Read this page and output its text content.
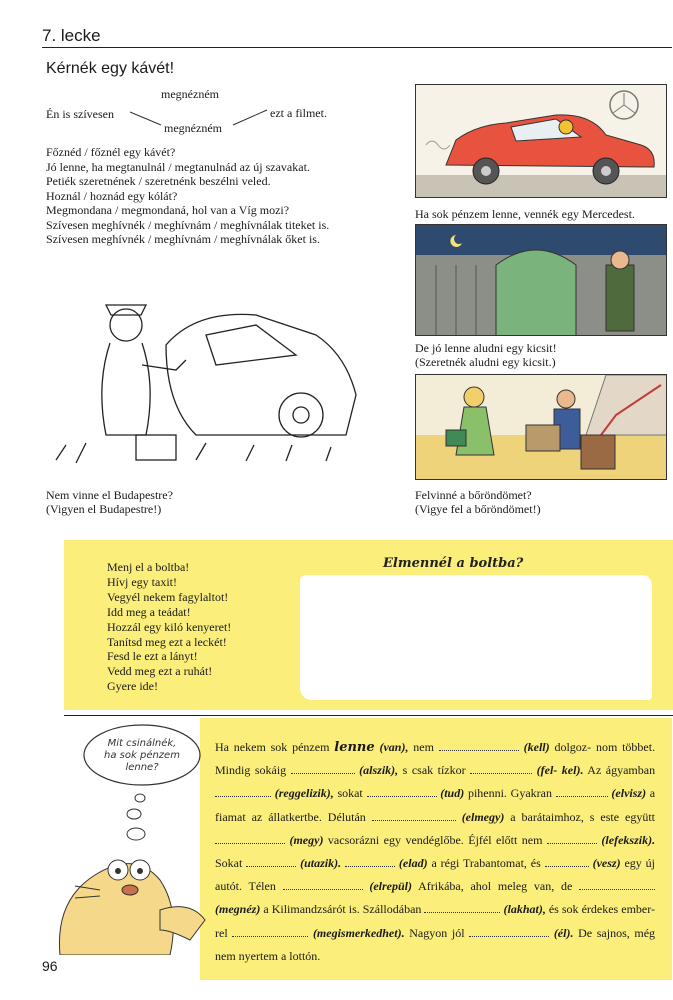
7. lecke
Kérnék egy kávét!
Én is szívesen
megnézném
megnézném
ezt a filmet.

Főznéd / főznél egy kávét?

Jó lenne, ha megtanulnál / megtanulnád az új szavakat.

Petiék szeretnének / szeretnénk beszélni veled.

Hoznál / hoznád egy kólát?

Megmondana / megmondaná, hol van a Víg mozi?

Szívesen meghívnék / meghívnám / meghívnálak titeket is.

Szívesen meghívnék / meghívnám / meghívnálak őket is.

Ha sok pénzem lenne, vennék egy Mercedest.
De jó lenne aludni egy kicsit!
(Szeretnék aludni egy kicsit.)
Felvinné a bőröndömet?
(Vigye fel a bőröndömet!)
Nem vinne el Budapestre?
(Vigyen el Budapestre!)
Elmennél a boltba?

Menj el a boltba!

Hívj egy taxit!

Vegyél nekem fagylaltot!

Idd meg a teádat!

Hozzál egy kiló kenyeret!

Tanítsd meg ezt a leckét!

Fesd le ezt a lányt!

Vedd meg ezt a ruhát!

Gyere ide!

Mit csinálnék,
ha sok pénzem
lenne?
Ha nekem sok pénzem lenne (van), nem	(kell) dolgoz- nom többet. Mindig sokáig	(alszik), s csak tízkor	(fel- kel). Az ágyamban  (reggelizik), sokat	(tud) pihenni. Gyakran	(elvisz) a fiamat az állatkertbe. Délután	(elmegy) a barátaimhoz, s este együtt  (megy) vacsorázni egy vendéglőbe. Éjfél előtt nem	(lefekszik). Sokat	(utazik).	(elad) a régi Trabantomat, és	(vesz) egy új autót. Télen	(elrepül) Afrikába, ahol meleg van, de  (megnéz) a Kilimandzsárót is. Szállodában	(lakhat), és sok érdekes ember- rel	(megismerkedhet). Nagyon jól	(él). De sajnos, még nem nyertem a lottón.
96
